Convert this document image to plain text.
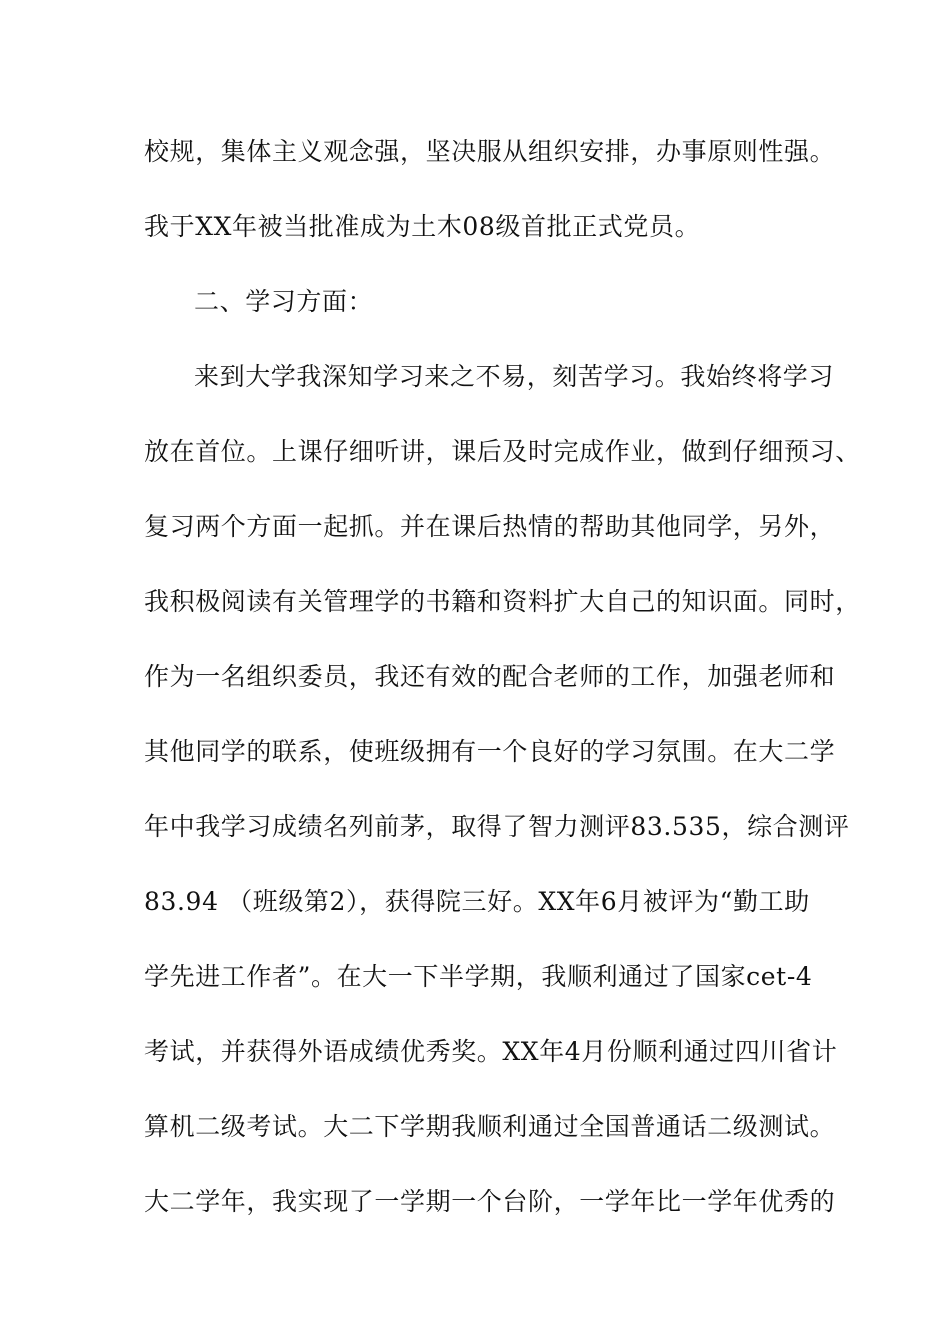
校规，集体主义观念强，坚决服从组织安排，办事原则性强。
我于XX年被当批准成为土木08级首批正式党员。
二、学习方面：
来到大学我深知学习来之不易，刻苦学习。我始终将学习
放在首位。上课仔细听讲，课后及时完成作业，做到仔细预习、
复习两个方面一起抓。并在课后热情的帮助其他同学，另外，
我积极阅读有关管理学的书籍和资料扩大自己的知识面。同时，
作为一名组织委员，我还有效的配合老师的工作，加强老师和
其他同学的联系，使班级拥有一个良好的学习氛围。在大二学
年中我学习成绩名列前茅，取得了智力测评83.535，综合测评
83.94 （班级第2），获得院三好。XX年6月被评为“勤工助
学先进工作者”。在大一下半学期，我顺利通过了国家cet-4
考试，并获得外语成绩优秀奖。XX年4月份顺利通过四川省计
算机二级考试。大二下学期我顺利通过全国普通话二级测试。
大二学年，我实现了一学期一个台阶，一学年比一学年优秀的
